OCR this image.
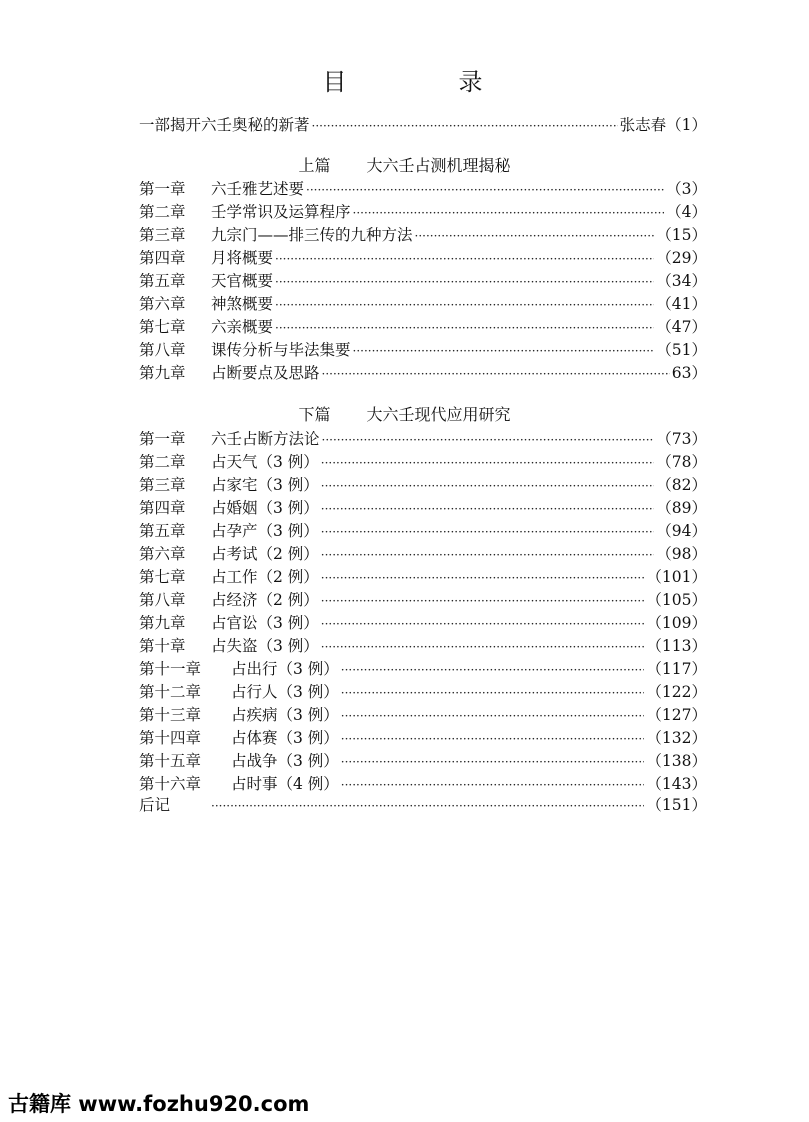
目　录
一部揭开六壬奥秘的新著 ·····	张志春（1）
上篇 大六壬占测机理揭秘
第一章	六壬雅艺述要 ·····	（3）
第二章	壬学常识及运算程序 ·····	（4）
第三章	九宗门——排三传的九种方法 ·····	（15）
第四章	月将概要 ·····	（29）
第五章	天官概要 ·····	（34）
第六章	神煞概要 ·····	（41）
第七章	六亲概要 ·····	（47）
第八章	课传分析与毕法集要 ·····	（51）
第九章	占断要点及思路 ·····	63）
下篇 大六壬现代应用研究
第一章	六壬占断方法论 ·····	（73）
第二章	占天气（3 例） ·····	（78）
第三章	占家宅（3 例） ·····	（82）
第四章	占婚姻（3 例） ·····	（89）
第五章	占孕产（3 例） ·····	（94）
第六章	占考试（2 例） ·····	（98）
第七章	占工作（2 例） ·····	（101）
第八章	占经济（2 例） ·····	（105）
第九章	占官讼（3 例） ·····	（109）
第十章	占失盗（3 例） ·····	（113）
第十一章	占出行（3 例） ·····	（117）
第十二章	占行人（3 例） ·····	（122）
第十三章	占疾病（3 例） ·····	（127）
第十四章	占体赛（3 例） ·····	（132）
第十五章	占战争（3 例） ·····	（138）
第十六章	占时事（4 例） ·····	（143）
后记 ·····	（151）
古籍库 www.fozhu920.com
